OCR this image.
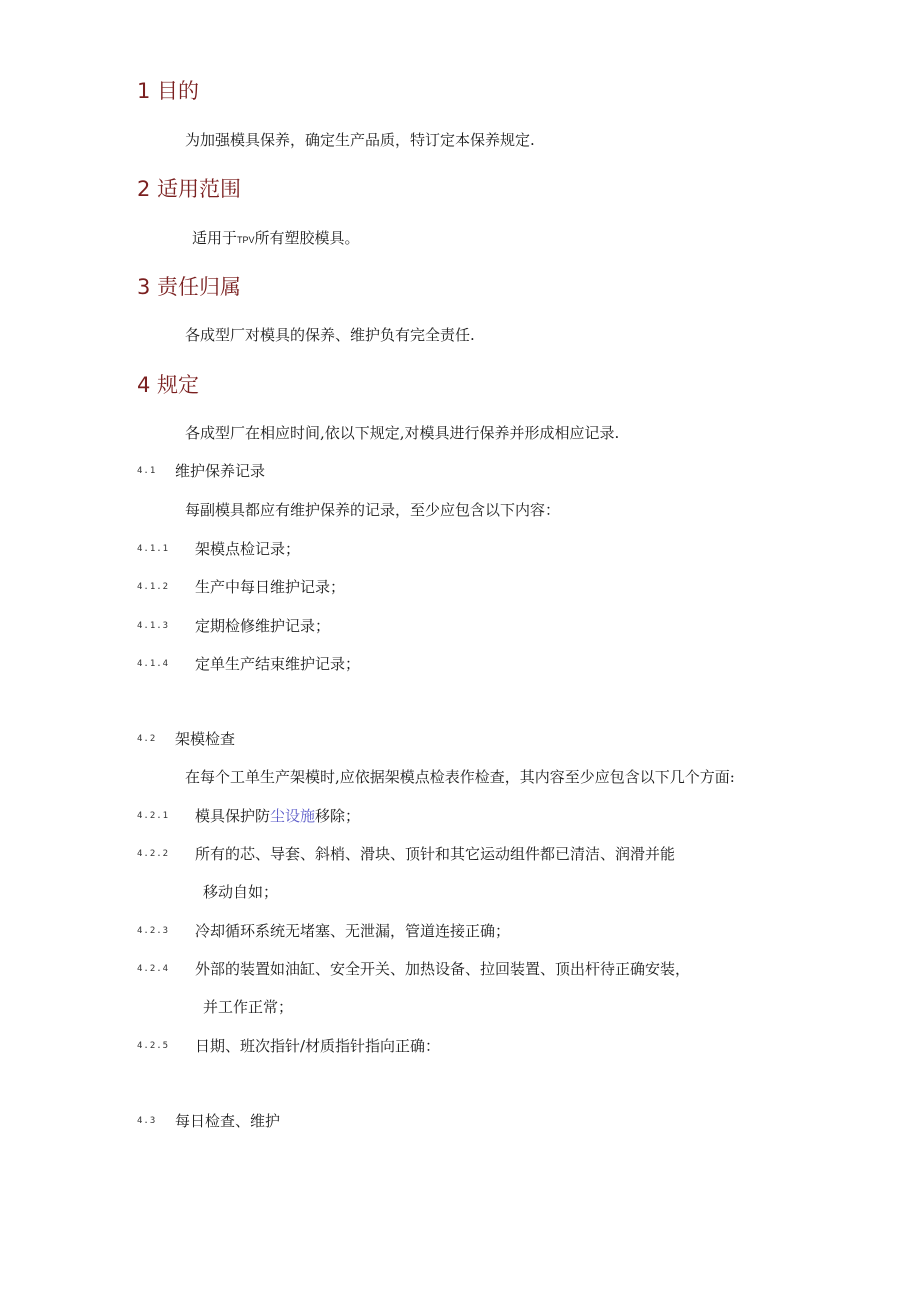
1 目的
为加强模具保养，确定生产品质，特订定本保养规定.
2 适用范围
适用于TPV所有塑胶模具。
3 责任归属
各成型厂对模具的保养、维护负有完全责任.
4 规定
各成型厂在相应时间,依以下规定,对模具进行保养并形成相应记录.
4.1 维护保养记录
每副模具都应有维护保养的记录，至少应包含以下内容：
4.1.1 架模点检记录；
4.1.2 生产中每日维护记录；
4.1.3 定期检修维护记录；
4.1.4 定单生产结束维护记录；
4.2 架模检查
在每个工单生产架模时,应依据架模点检表作检查，其内容至少应包含以下几个方面:
4.2.1 模具保护防尘设施移除；
4.2.2 所有的芯、导套、斜梢、滑块、顶针和其它运动组件都已清洁、润滑并能
移动自如；
4.2.3 冷却循环系统无堵塞、无泄漏，管道连接正确；
4.2.4 外部的装置如油缸、安全开关、加热设备、拉回装置、顶出杆待正确安装，
并工作正常；
4.2.5 日期、班次指针/材质指针指向正确：
4.3 每日检查、维护
